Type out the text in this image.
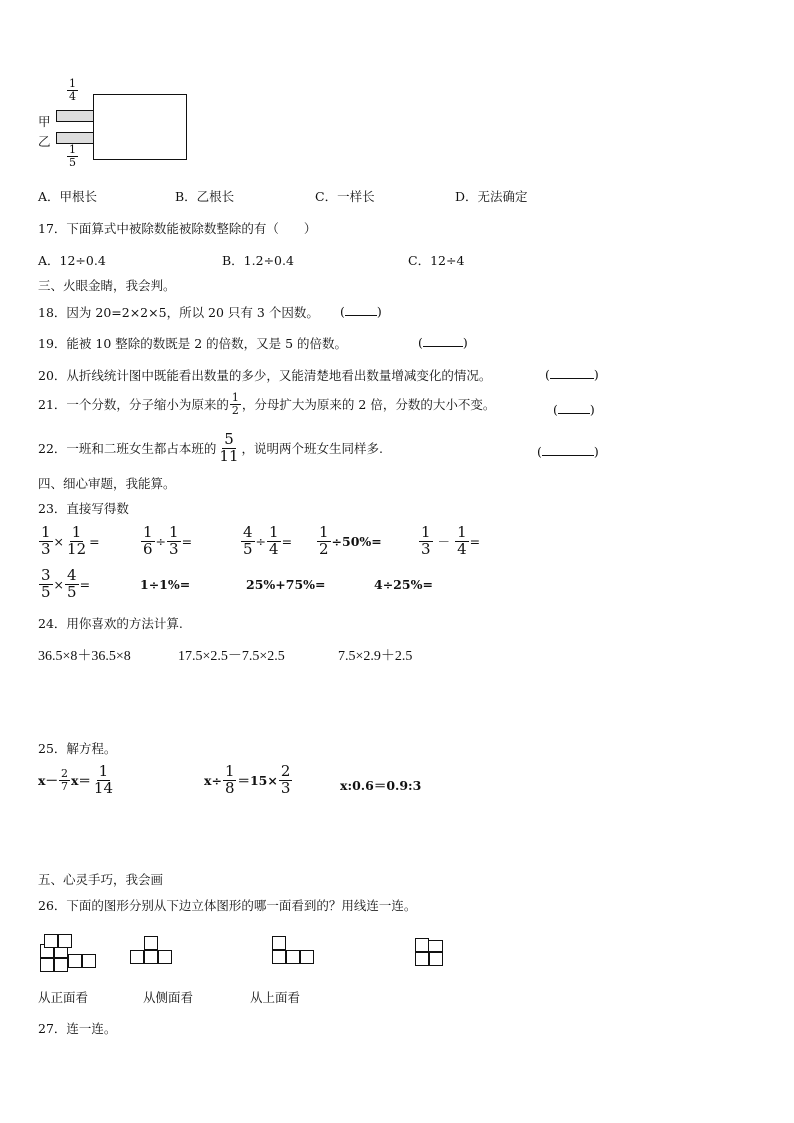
$\frac{1}{4}$
甲
乙
$\frac{1}{5}$
A．甲根长	B．乙根长	C．一样长	D．无法确定
17．下面算式中被除数能被除数整除的有（　　）
A．12÷0.4	B．1.2÷0.4	C．12÷4
三、火眼金睛，我会判。
18．因为 20=2×2×5，所以 20 只有 3 个因数。 (	)
19．能被 10 整除的数既是 2 的倍数，又是 5 的倍数。	(	)
20．从折线统计图中既能看出数量的多少，又能清楚地看出数量增减变化的情况。	(	)
21．一个分数，分子缩小为原来的 $\frac{1}{2}$ ，分母扩大为原来的 2 倍，分数的大小不变。	(	)
22．一班和二班女生都占本班的 $\frac{5}{11}$ ，说明两个班女生同样多.	(	)
四、细心审题，我能算。
23．直接写得数
$\frac{1}{3} \times \frac{1}{12}$ =	$\frac{1}{6} \div \frac{1}{3}$ =	$\frac{4}{5} \div \frac{1}{4} = \frac{1}{2} \div 50\%= \frac{1}{3} - \frac{1}{4}$ =
$\frac{3}{5} \times \frac{4}{5}$ =	1÷1%=	25%+75%=	4÷25%=
24．用你喜欢的方法计算.
36.5×8＋36.5×8	17.5×2.5－7.5×2.5	7.5×2.9＋2.5
25．解方程。
$x- \frac{2}{7} x= \frac{1}{14}$	$x\div \frac{1}{8} =15\times \frac{2}{3}$	x:0.6＝0.9:3
五、心灵手巧，我会画
26．下面的图形分别从下边立体图形的哪一面看到的？用线连一连。
从正面看	从侧面看	从上面看
27．连一连。
